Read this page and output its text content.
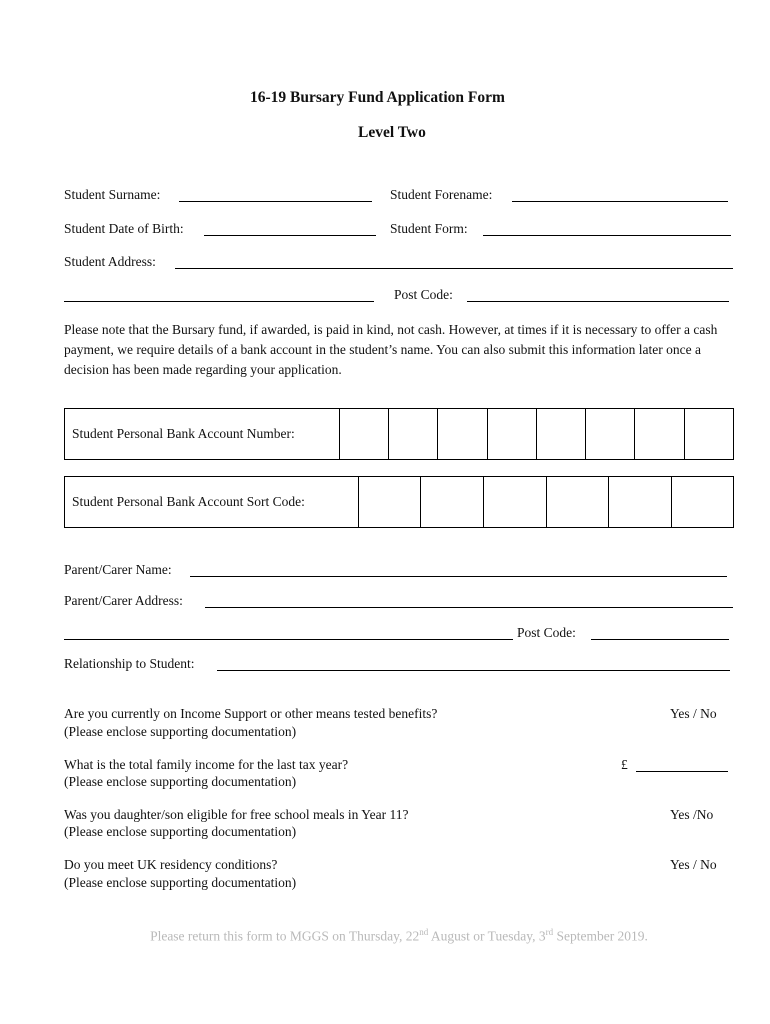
16-19 Bursary Fund Application Form
Level Two
Student Surname:	Student Forename:
Student Date of Birth:	Student Form:
Student Address:
Post Code:
Please note that the Bursary fund, if awarded, is paid in kind, not cash. However, at times if it is necessary to offer a cash payment, we require details of a bank account in the student’s name. You can also submit this information later once a decision has been made regarding your application.
Student Personal Bank Account Number:
Student Personal Bank Account Sort Code:
Parent/Carer Name:
Parent/Carer Address:
Post Code:
Relationship to Student:
Are you currently on Income Support or other means tested benefits?
(Please enclose supporting documentation)
Yes / No
What is the total family income for the last tax year?
(Please enclose supporting documentation)
£
Was you daughter/son eligible for free school meals in Year 11?
(Please enclose supporting documentation)
Yes /No
Do you meet UK residency conditions?
(Please enclose supporting documentation)
Yes / No
Please return this form to MGGS on Thursday, 22nd August or Tuesday, 3rd September 2019.
